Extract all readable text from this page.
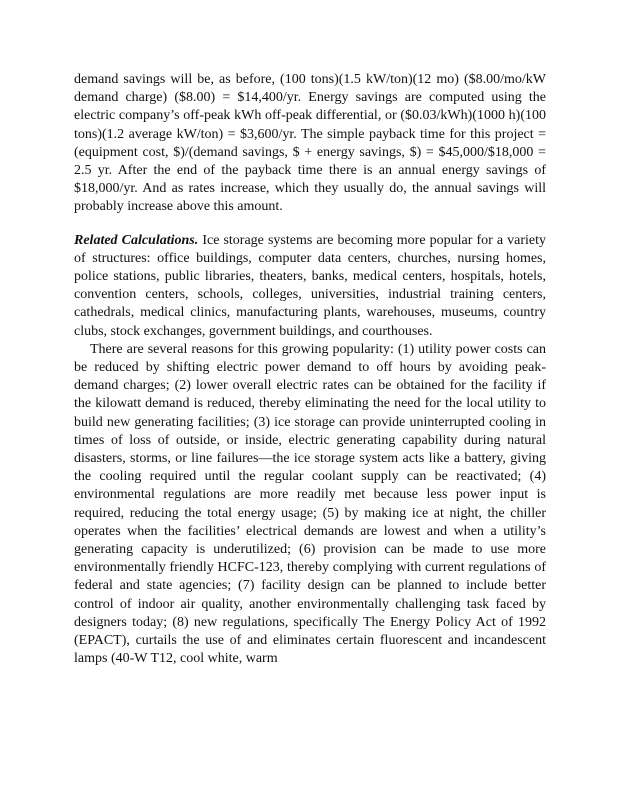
demand savings will be, as before, (100 tons)(1.5 kW/ton)(12 mo) ($8.00/mo/kW demand charge) ($8.00) = $14,400/yr. Energy savings are computed using the electric company’s off-peak kWh off-peak differential, or ($0.03/kWh)(1000 h)(100 tons)(1.2 average kW/ton) = $3,600/yr. The simple payback time for this project = (equipment cost, $)/(demand savings, $ + energy savings, $) = $45,000/$18,000 = 2.5 yr. After the end of the payback time there is an annual energy savings of $18,000/yr. And as rates increase, which they usually do, the annual savings will probably increase above this amount.

Related Calculations. Ice storage systems are becoming more popular for a variety of structures: office buildings, computer data centers, churches, nursing homes, police stations, public libraries, theaters, banks, medical centers, hospitals, hotels, convention centers, schools, colleges, universities, industrial training centers, cathedrals, medical clinics, manufacturing plants, warehouses, museums, country clubs, stock exchanges, government buildings, and courthouses.

There are several reasons for this growing popularity: (1) utility power costs can be reduced by shifting electric power demand to off hours by avoiding peak-demand charges; (2) lower overall electric rates can be obtained for the facility if the kilowatt demand is reduced, thereby eliminating the need for the local utility to build new generating facilities; (3) ice storage can provide uninterrupted cooling in times of loss of outside, or inside, electric generating capability during natural disasters, storms, or line failures—the ice storage system acts like a battery, giving the cooling required until the regular coolant supply can be reactivated; (4) environmental regulations are more readily met because less power input is required, reducing the total energy usage; (5) by making ice at night, the chiller operates when the facilities’ electrical demands are lowest and when a utility’s generating capacity is underutilized; (6) provision can be made to use more environmentally friendly HCFC-123, thereby complying with current regulations of federal and state agencies; (7) facility design can be planned to include better control of indoor air quality, another environmentally challenging task faced by designers today; (8) new regulations, specifically The Energy Policy Act of 1992 (EPACT), curtails the use of and eliminates certain fluorescent and incandescent lamps (40-W T12, cool white, warm
